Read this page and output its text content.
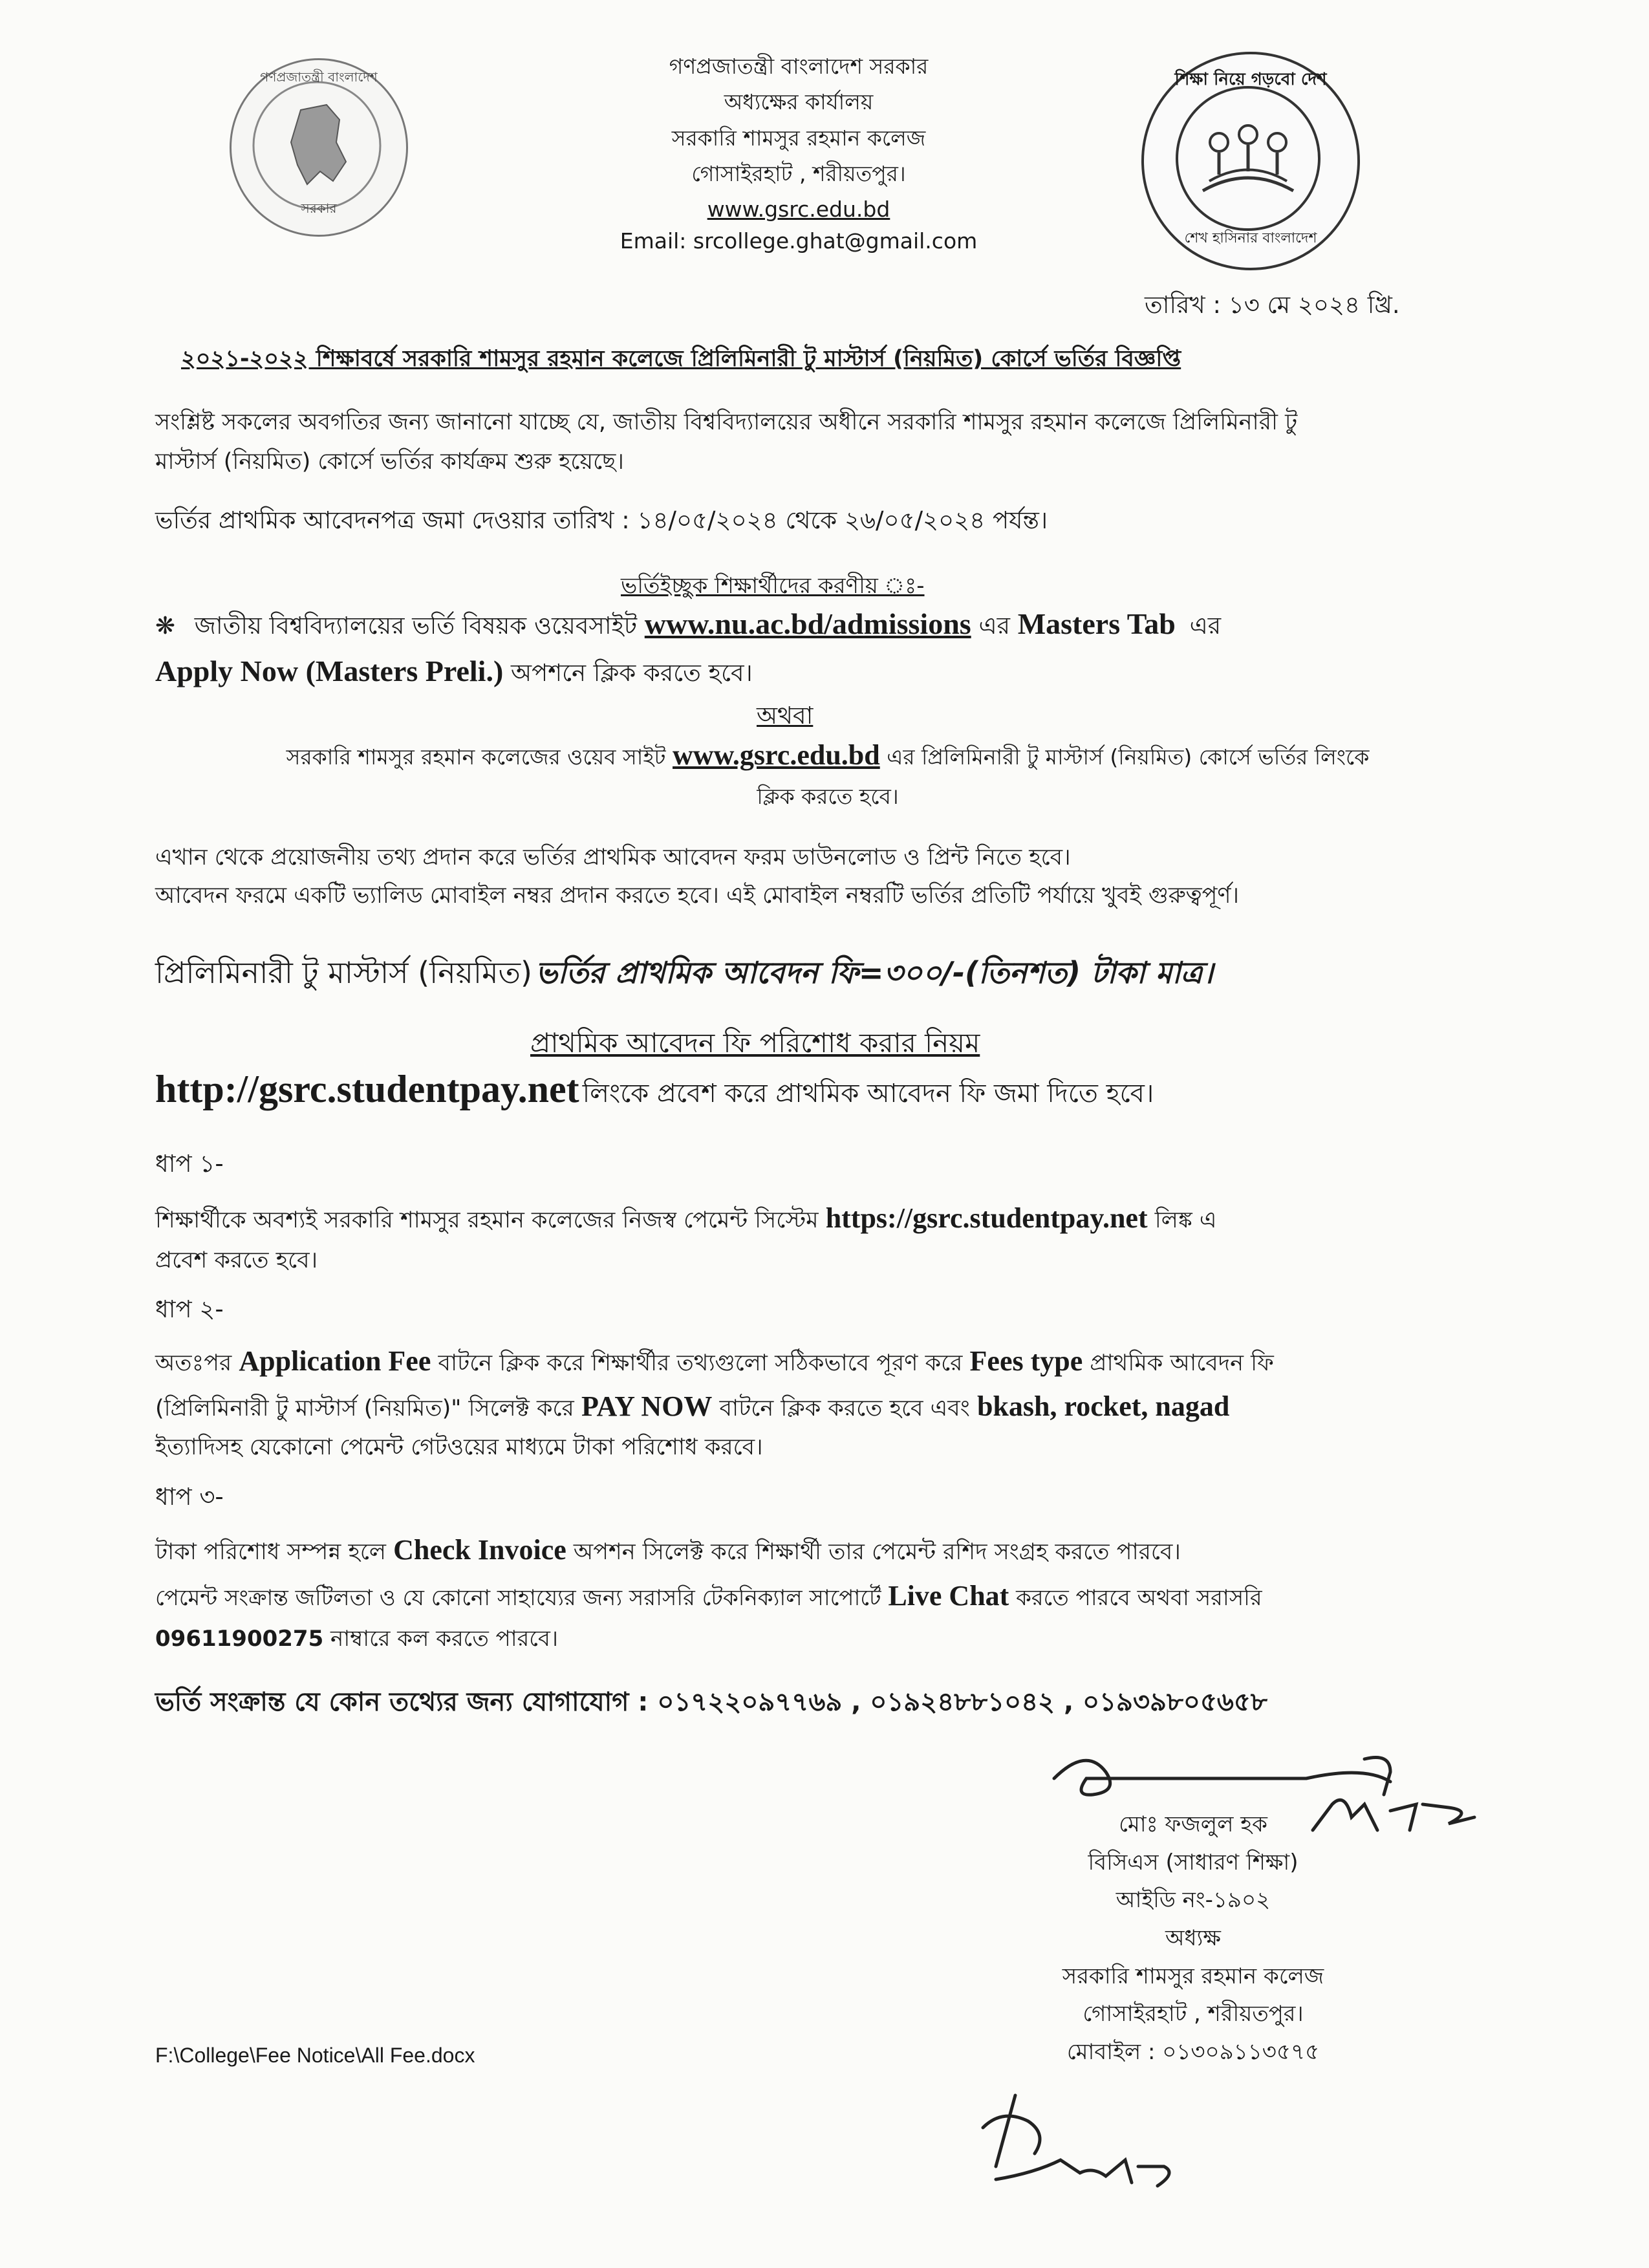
গণপ্রজাতন্ত্রী বাংলাদেশ
সরকার
শিক্ষা নিয়ে গড়বো দেশ
শেখ হাসিনার বাংলাদেশ
গণপ্রজাতন্ত্রী বাংলাদেশ সরকার
অধ্যক্ষের কার্যালয়
সরকারি শামসুর রহমান কলেজ
গোসাইরহাট , শরীয়তপুর।
www.gsrc.edu.bd
Email: srcollege.ghat@gmail.com
তারিখ : ১৩ মে ২০২৪ খ্রি.
২০২১-২০২২ শিক্ষাবর্ষে সরকারি শামসুর রহমান কলেজে প্রিলিমিনারী টু মাস্টার্স (নিয়মিত) কোর্সে ভর্তির বিজ্ঞপ্তি
সংশ্লিষ্ট সকলের অবগতির জন্য জানানো যাচ্ছে যে, জাতীয় বিশ্ববিদ্যালয়ের অধীনে সরকারি শামসুর রহমান কলেজে প্রিলিমিনারী টু
মাস্টার্স (নিয়মিত) কোর্সে ভর্তির কার্যক্রম শুরু হয়েছে।
ভর্তির প্রাথমিক আবেদনপত্র জমা দেওয়ার তারিখ : ১৪/০৫/২০২৪ থেকে ২৬/০৫/২০২৪ পর্যন্ত।
ভর্তিইচ্ছুক শিক্ষার্থীদের করণীয় ঃ-
❋ জাতীয় বিশ্ববিদ্যালয়ের ভর্তি বিষয়ক ওয়েবসাইট www.nu.ac.bd/admissions এর Masters Tab এর
Apply Now (Masters Preli.) অপশনে ক্লিক করতে হবে।
অথবা
সরকারি শামসুর রহমান কলেজের ওয়েব সাইট www.gsrc.edu.bd এর প্রিলিমিনারী টু মাস্টার্স (নিয়মিত) কোর্সে ভর্তির লিংকে
ক্লিক করতে হবে।
এখান থেকে প্রয়োজনীয় তথ্য প্রদান করে ভর্তির প্রাথমিক আবেদন ফরম ডাউনলোড ও প্রিন্ট নিতে হবে।
আবেদন ফরমে একটি ভ্যালিড মোবাইল নম্বর প্রদান করতে হবে। এই মোবাইল নম্বরটি ভর্তির প্রতিটি পর্যায়ে খুবই গুরুত্বপূর্ণ।
প্রিলিমিনারী টু মাস্টার্স (নিয়মিত) ভর্তির প্রাথমিক আবেদন ফি=৩০০/-(তিনশত) টাকা মাত্র।
প্রাথমিক আবেদন ফি পরিশোধ করার নিয়ম
http://gsrc.studentpay.net লিংকে প্রবেশ করে প্রাথমিক আবেদন ফি জমা দিতে হবে।
ধাপ ১-
শিক্ষার্থীকে অবশ্যই সরকারি শামসুর রহমান কলেজের নিজস্ব পেমেন্ট সিস্টেম https://gsrc.studentpay.net লিঙ্ক এ
প্রবেশ করতে হবে।
ধাপ ২-
অতঃপর Application Fee বাটনে ক্লিক করে শিক্ষার্থীর তথ্যগুলো সঠিকভাবে পূরণ করে Fees type প্রাথমিক আবেদন ফি
(প্রিলিমিনারী টু মাস্টার্স (নিয়মিত)" সিলেক্ট করে PAY NOW বাটনে ক্লিক করতে হবে এবং bkash, rocket, nagad
ইত্যাদিসহ যেকোনো পেমেন্ট গেটওয়ের মাধ্যমে টাকা পরিশোধ করবে।
ধাপ ৩-
টাকা পরিশোধ সম্পন্ন হলে Check Invoice অপশন সিলেক্ট করে শিক্ষার্থী তার পেমেন্ট রশিদ সংগ্রহ করতে পারবে।
পেমেন্ট সংক্রান্ত জটিলতা ও যে কোনো সাহায্যের জন্য সরাসরি টেকনিক্যাল সাপোর্টে Live Chat করতে পারবে অথবা সরাসরি
09611900275 নাম্বারে কল করতে পারবে।
ভর্তি সংক্রান্ত যে কোন তথ্যের জন্য যোগাযোগ : ০১৭২২০৯৭৭৬৯ , ০১৯২৪৮৮১০৪২ , ০১৯৩৯৮০৫৬৫৮
মোঃ ফজলুল হক
বিসিএস (সাধারণ শিক্ষা)
আইডি নং-১৯০২
অধ্যক্ষ
সরকারি শামসুর রহমান কলেজ
গোসাইরহাট , শরীয়তপুর।
মোবাইল : ০১৩০৯১১৩৫৭৫
F:\College\Fee Notice\All Fee.docx
